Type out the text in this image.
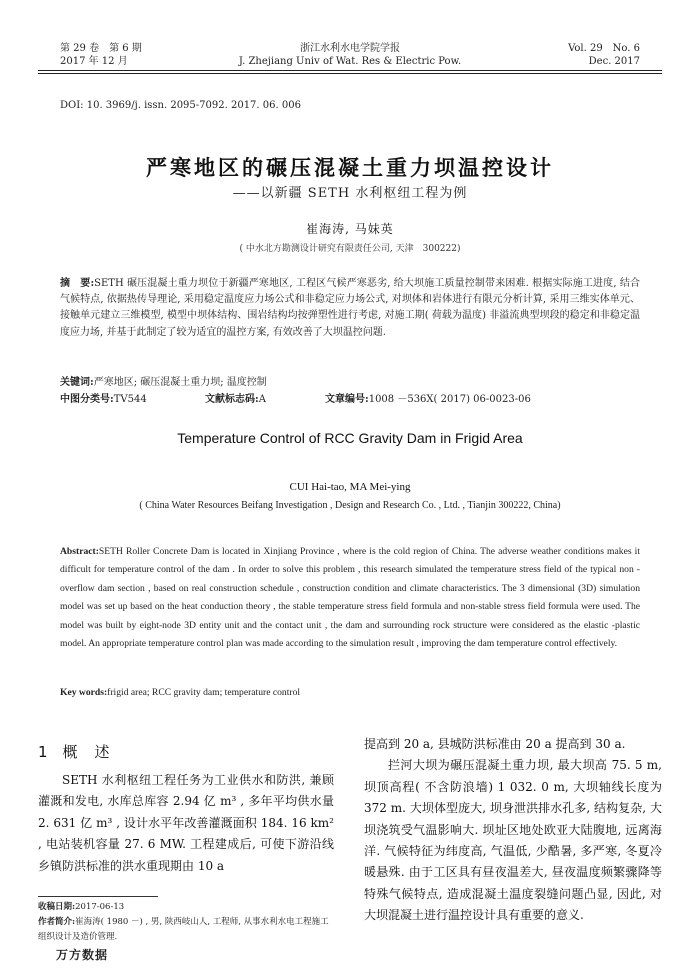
第 29 卷　第 6 期
2017 年 12 月
浙江水利水电学院学报
J. Zhejiang Univ of Wat. Res & Electric Pow.
Vol. 29　No. 6
Dec. 2017
DOI: 10. 3969/j. issn. 2095-7092. 2017. 06. 006
严寒地区的碾压混凝土重力坝温控设计
——以新疆 SETH 水利枢纽工程为例
崔海涛, 马妹英
( 中水北方勘测设计研究有限责任公司, 天津　300222)
摘　要:SETH 碾压混凝土重力坝位于新疆严寒地区, 工程区气候严寒恶劣, 给大坝施工质量控制带来困难. 根据实际施工进度, 结合气候特点, 依据热传导理论, 采用稳定温度应力场公式和非稳定应力场公式, 对坝体和岩体进行有限元分析计算, 采用三维实体单元、接触单元建立三维模型, 模型中坝体结构、围岩结构均按弹塑性进行考虑, 对施工期( 荷载为温度) 非溢流典型坝段的稳定和非稳定温度应力场, 并基于此制定了较为适宜的温控方案, 有效改善了大坝温控问题.
关键词:严寒地区; 碾压混凝土重力坝; 温度控制
中图分类号:TV544	文献标志码:A	文章编号:1008 －536X( 2017) 06-0023-06
Temperature Control of RCC Gravity Dam in Frigid Area
CUI Hai-tao, MA Mei-ying
( China Water Resources Beifang Investigation , Design and Research Co. , Ltd. , Tianjin 300222, China)
Abstract:SETH Roller Concrete Dam is located in Xinjiang Province , where is the cold region of China. The adverse weather conditions makes it difficult for temperature control of the dam . In order to solve this problem , this research simulated the temperature stress field of the typical non -overflow dam section , based on real construction schedule , construction condition and climate characteristics. The 3 dimensional (3D) simulation model was set up based on the heat conduction theory , the stable temperature stress field formula and non-stable stress field formula were used. The model was built by eight-node 3D entity unit and the contact unit , the dam and surrounding rock structure were considered as the elastic -plastic model. An appropriate temperature control plan was made according to the simulation result , improving the dam temperature control effectively.
Key words:frigid area; RCC gravity dam; temperature control
1 概　述

SETH 水利枢纽工程任务为工业供水和防洪, 兼顾灌溉和发电, 水库总库容 2.94 亿 m³ , 多年平均供水量 2. 631 亿 m³ , 设计水平年改善灌溉面积 184. 16 km² , 电站装机容量 27. 6 MW. 工程建成后, 可使下游沿线乡镇防洪标准的洪水重现期由 10 a

提高到 20 a, 县城防洪标准由 20 a 提高到 30 a.

拦河大坝为碾压混凝土重力坝, 最大坝高 75. 5 m, 坝顶高程( 不含防浪墙) 1 032. 0 m, 大坝轴线长度为 372 m. 大坝体型庞大, 坝身泄洪排水孔多, 结构复杂, 大坝浇筑受气温影响大. 坝址区地处欧亚大陆腹地, 远离海洋. 气候特征为纬度高, 气温低, 少酷暑, 多严寒, 冬夏冷暖悬殊. 由于工区具有昼夜温差大, 昼夜温度频繁骤降等特殊气候特点, 造成混凝土温度裂缝问题凸显, 因此, 对大坝混凝土进行温控设计具有重要的意义.

收稿日期:2017-06-13
作者简介:崔海涛( 1980 －) , 男, 陕西岐山人, 工程师, 从事水利水电工程施工组织设计及造价管理.
万方数据
